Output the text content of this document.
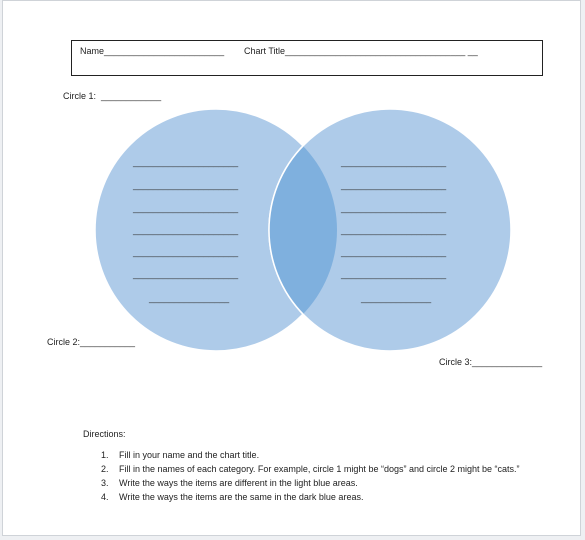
Name________________________ Chart Title____________________________________ __
Circle 1:  ____________
_____________________
_____________________
_____________________
_____________________
_____________________
_____________________
________________
_____________________
_____________________
_____________________
_____________________
_____________________
_____________________
______________
Circle 2:___________
Circle 3:______________
Directions:
1. Fill in your name and the chart title.
2. Fill in the names of each category. For example, circle 1 might be “dogs” and circle 2 might be “cats.”
3. Write the ways the items are different in the light blue areas.
4. Write the ways the items are the same in the dark blue areas.
